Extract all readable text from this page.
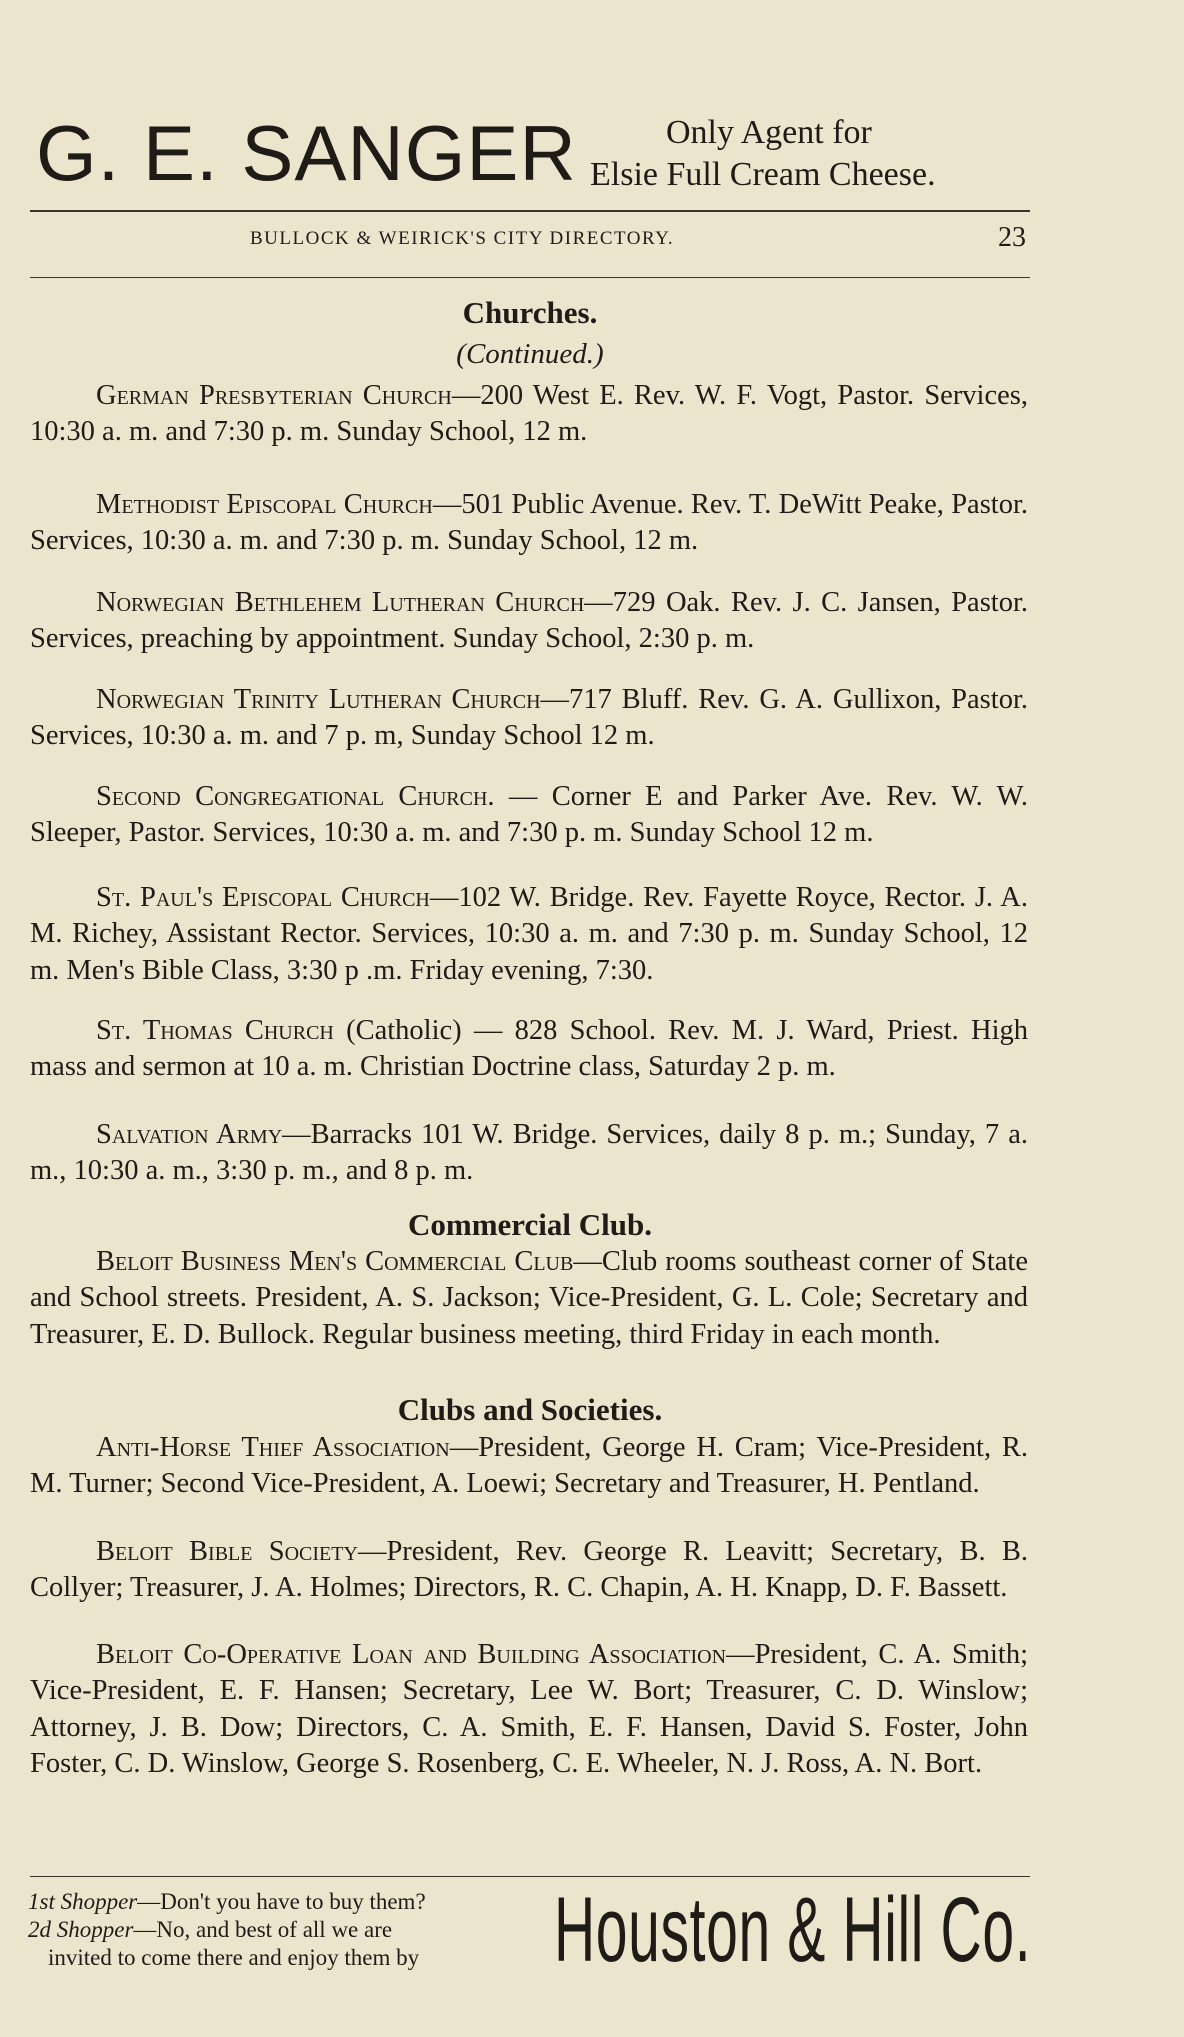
G. E. SANGER	Only Agent for
Elsie Full Cream Cheese.
BULLOCK & WEIRICK'S CITY DIRECTORY.	23
Churches.
(Continued.)
German Presbyterian Church—200 West E. Rev. W. F. Vogt, Pastor. Services, 10:30 a. m. and 7:30 p. m. Sunday School, 12 m.
Methodist Episcopal Church—501 Public Avenue. Rev. T. DeWitt Peake, Pastor. Services, 10:30 a. m. and 7:30 p. m. Sunday School, 12 m.
Norwegian Bethlehem Lutheran Church—729 Oak. Rev. J. C. Jansen, Pastor. Services, preaching by appointment. Sunday School, 2:30 p. m.
Norwegian Trinity Lutheran Church—717 Bluff. Rev. G. A. Gullixon, Pastor. Services, 10:30 a. m. and 7 p. m, Sunday School 12 m.
Second Congregational Church. — Corner E and Parker Ave. Rev. W. W. Sleeper, Pastor. Services, 10:30 a. m. and 7:30 p. m. Sunday School 12 m.
St. Paul's Episcopal Church—102 W. Bridge. Rev. Fayette Royce, Rector. J. A. M. Richey, Assistant Rector. Services, 10:30 a. m. and 7:30 p. m. Sunday School, 12 m. Men's Bible Class, 3:30 p .m. Friday evening, 7:30.
St. Thomas Church (Catholic) — 828 School. Rev. M. J. Ward, Priest. High mass and sermon at 10 a. m. Christian Doctrine class, Saturday 2 p. m.
Salvation Army—Barracks 101 W. Bridge. Services, daily 8 p. m.; Sunday, 7 a. m., 10:30 a. m., 3:30 p. m., and 8 p. m.
Commercial Club.
Beloit Business Men's Commercial Club—Club rooms southeast corner of State and School streets. President, A. S. Jackson; Vice-President, G. L. Cole; Secretary and Treasurer, E. D. Bullock. Regular business meeting, third Friday in each month.
Clubs and Societies.
Anti-Horse Thief Association—President, George H. Cram; Vice-President, R. M. Turner; Second Vice-President, A. Loewi; Secretary and Treasurer, H. Pentland.
Beloit Bible Society—President, Rev. George R. Leavitt; Secretary, B. B. Collyer; Treasurer, J. A. Holmes; Directors, R. C. Chapin, A. H. Knapp, D. F. Bassett.
Beloit Co-Operative Loan and Building Association—President, C. A. Smith; Vice-President, E. F. Hansen; Secretary, Lee W. Bort; Treasurer, C. D. Winslow; Attorney, J. B. Dow; Directors, C. A. Smith, E. F. Hansen, David S. Foster, John Foster, C. D. Winslow, George S. Rosenberg, C. E. Wheeler, N. J. Ross, A. N. Bort.
1st Shopper—Don't you have to buy them?
2d Shopper—No, and best of all we are
invited to come there and enjoy them by	Houston & Hill Co.
